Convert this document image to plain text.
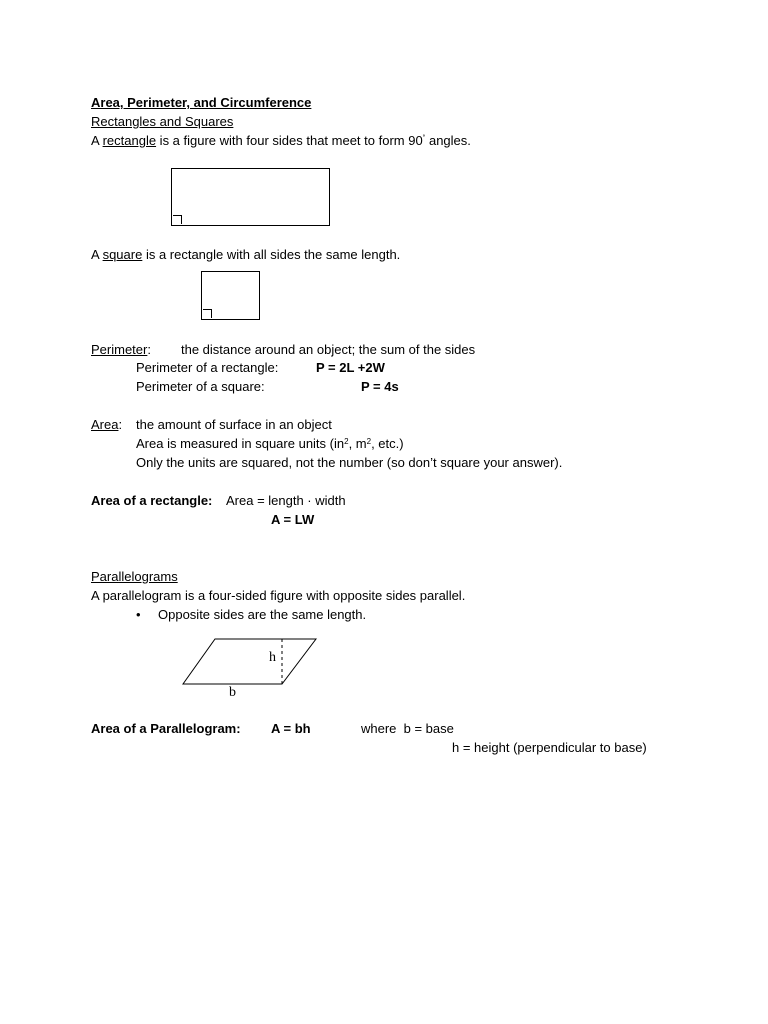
Area, Perimeter, and Circumference
Rectangles and Squares
A rectangle is a figure with four sides that meet to form 90˚ angles.
A square is a rectangle with all sides the same length.
Perimeter: the distance around an object; the sum of the sides
Perimeter of a rectangle:	P = 2L +2W
Perimeter of a square:	P = 4s
Area: the amount of surface in an object
Area is measured in square units ($in^2$, $m^2$, etc.)
Only the units are squared, not the number (so don’t square your answer).
Area of a rectangle: Area = length · width
A = LW
Parallelograms
A parallelogram is a four-sided figure with opposite sides parallel.
• Opposite sides are the same length.
h
b
Area of a Parallelogram: A = bh	where  b = base
h = height (perpendicular to base)
